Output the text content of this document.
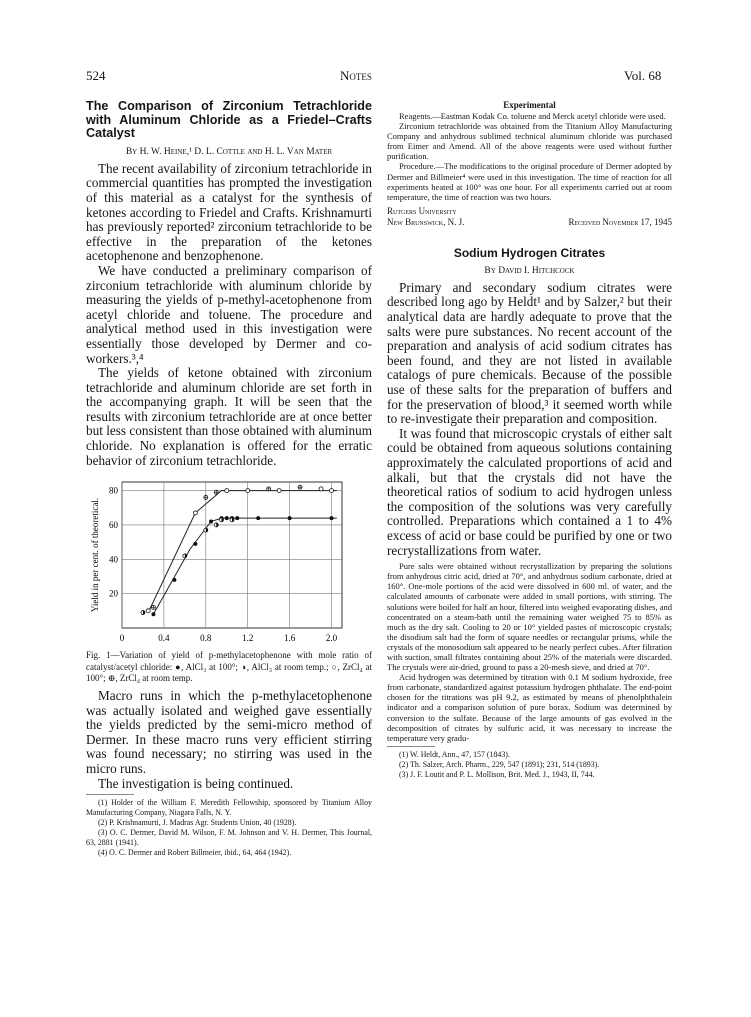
524	Notes	Vol. 68

The Comparison of Zirconium Tetrachloride with Aluminum Chloride as a Friedel–Crafts Catalyst

By H. W. Heine,¹ D. L. Cottle and H. L. Van Mater

The recent availability of zirconium tetrachloride in commercial quantities has prompted the investigation of this material as a catalyst for the synthesis of ketones according to Friedel and Crafts. Krishnamurti has previously reported² zirconium tetrachloride to be effective in the preparation of the ketones acetophenone and benzophenone.

We have conducted a preliminary comparison of zirconium tetrachloride with aluminum chloride by measuring the yields of p-methyl-acetophenone from acetyl chloride and toluene. The procedure and analytical method used in this investigation were essentially those developed by Dermer and co-workers.³,⁴

The yields of ketone obtained with zirconium tetrachloride and aluminum chloride are set forth in the accompanying graph. It will be seen that the results with zirconium tetrachloride are at once better but less consistent than those obtained with aluminum chloride. No explanation is offered for the erratic behavior of zirconium tetrachloride.

0	0.4	0.8	1.2	1.6	2.0
20
40
60
80
Yield in per cent. of theoretical.

Fig. 1—Variation of yield of p-methylacetophenone with mole ratio of catalyst/acetyl chloride: ●, AlCl₃ at 100°; ◑, AlCl₃ at room temp.; ○, ZrCl₄ at 100°; ⊕, ZrCl₄ at room temp.

Macro runs in which the p-methylacetophenone was actually isolated and weighed gave essentially the yields predicted by the semi-micro method of Dermer. In these macro runs very efficient stirring was found necessary; no stirring was used in the micro runs.

The investigation is being continued.

(1) Holder of the William F. Meredith Fellowship, sponsored by Titanium Alloy Manufacturing Company, Niagara Falls, N. Y.

(2) P. Krishnamurti, J. Madras Agr. Students Union, 40 (1928).

(3) O. C. Dermer, David M. Wilson, F. M. Johnson and V. H. Dermer, This Journal, 63, 2881 (1941).

(4) O. C. Dermer and Robert Billmeier, ibid., 64, 464 (1942).

Experimental

Reagents.—Eastman Kodak Co. toluene and Merck acetyl chloride were used.

Zirconium tetrachloride was obtained from the Titanium Alloy Manufacturing Company and anhydrous sublimed technical aluminum chloride was purchased from Eimer and Amend. All of the above reagents were used without further purification.

Procedure.—The modifications to the original procedure of Dermer adopted by Dermer and Billmeier⁴ were used in this investigation. The time of reaction for all experiments heated at 100° was one hour. For all experiments carried out at room temperature, the time of reaction was two hours.

Rutgers University

New Brunswick, N. J.	Received November 17, 1945

Sodium Hydrogen Citrates

By David I. Hitchcock

Primary and secondary sodium citrates were described long ago by Heldt¹ and by Salzer,² but their analytical data are hardly adequate to prove that the salts were pure substances. No recent account of the preparation and analysis of acid sodium citrates has been found, and they are not listed in available catalogs of pure chemicals. Because of the possible use of these salts for the preparation of buffers and for the preservation of blood,³ it seemed worth while to re-investigate their preparation and composition.

It was found that microscopic crystals of either salt could be obtained from aqueous solutions containing approximately the calculated proportions of acid and alkali, but that the crystals did not have the theoretical ratios of sodium to acid hydrogen unless the composition of the solutions was very carefully controlled. Preparations which contained a 1 to 4% excess of acid or base could be purified by one or two recrystallizations from water.

Pure salts were obtained without recrystallization by preparing the solutions from anhydrous citric acid, dried at 70°, and anhydrous sodium carbonate, dried at 160°. One-mole portions of the acid were dissolved in 600 ml. of water, and the calculated amounts of carbonate were added in small portions, with stirring. The solutions were boiled for half an hour, filtered into weighed evaporating dishes, and concentrated on a steam-bath until the remaining water weighed 75 to 85% as much as the dry salt. Cooling to 20 or 10° yielded pastes of microscopic crystals; the disodium salt had the form of square needles or rectangular prisms, while the crystals of the monosodium salt appeared to be nearly perfect cubes. After filtration with suction, small filtrates containing about 25% of the materials were discarded. The crystals were air-dried, ground to pass a 20-mesh sieve, and dried at 70°.

Acid hydrogen was determined by titration with 0.1 M sodium hydroxide, free from carbonate, standardized against potassium hydrogen phthalate. The end-point chosen for the titrations was pH 9.2, as estimated by means of phenolphthalein indicator and a comparison solution of pure borax. Sodium was determined by conversion to the sulfate. Because of the large amounts of gas evolved in the decomposition of citrates by sulfuric acid, it was necessary to increase the temperature very gradu-

(1) W. Heldt, Ann., 47, 157 (1843).

(2) Th. Salzer, Arch. Pharm., 229, 547 (1891); 231, 514 (1893).

(3) J. F. Loutit and P. L. Mollison, Brit. Med. J., 1943, II, 744.
